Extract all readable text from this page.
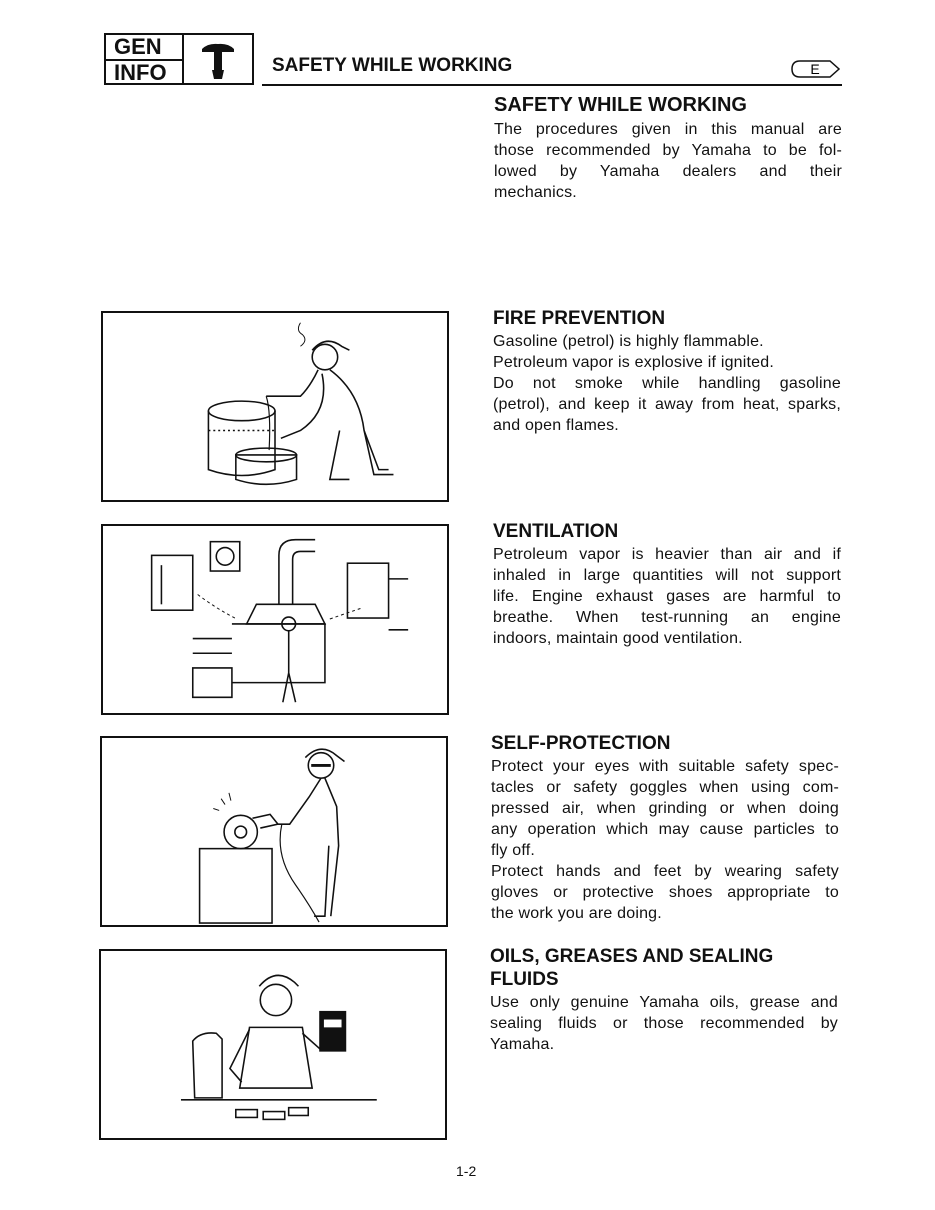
GEN
INFO	SAFETY WHILE WORKING	E
SAFETY WHILE WORKING
The procedures given in this manual are
those recommended by Yamaha to be fol-
lowed by Yamaha dealers and their
mechanics.
FIRE PREVENTION
Gasoline (petrol) is highly flammable.
Petroleum vapor is explosive if ignited.
Do not smoke while handling gasoline
(petrol), and keep it away from heat, sparks,
and open flames.
VENTILATION
Petroleum vapor is heavier than air and if
inhaled in large quantities will not support
life. Engine exhaust gases are harmful to
breathe. When test-running an engine
indoors, maintain good ventilation.
SELF-PROTECTION
Protect your eyes with suitable safety spec-
tacles or safety goggles when using com-
pressed air, when grinding or when doing
any operation which may cause particles to
fly off.
Protect hands and feet by wearing safety
gloves or protective shoes appropriate to
the work you are doing.
OILS, GREASES AND SEALING
FLUIDS
Use only genuine Yamaha oils, grease and
sealing fluids or those recommended by
Yamaha.
1-2
